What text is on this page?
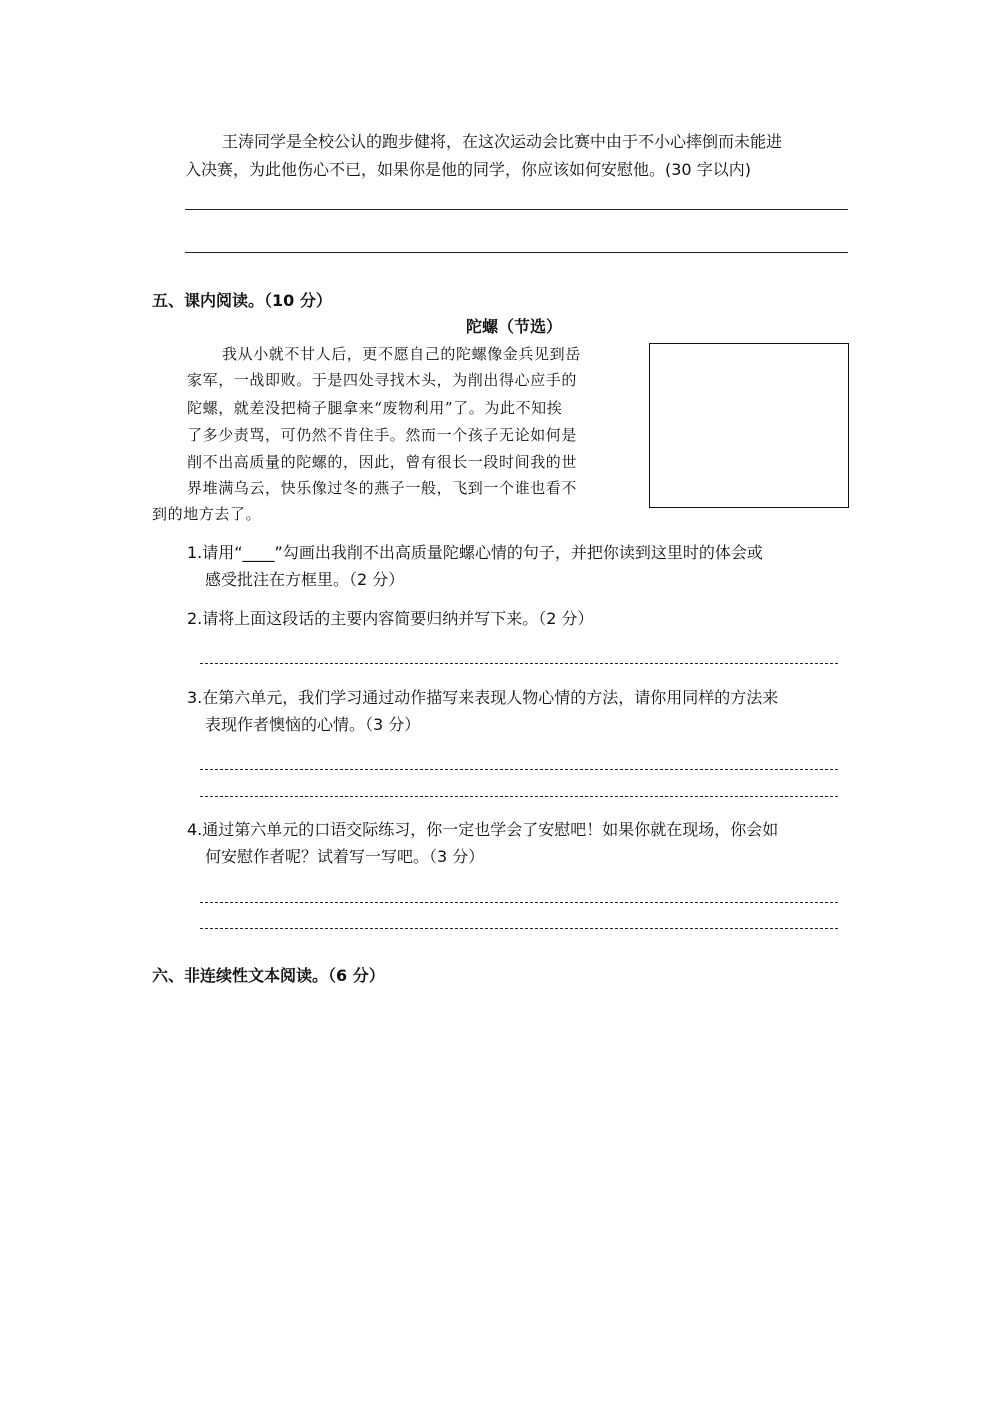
王涛同学是全校公认的跑步健将，在这次运动会比赛中由于不小心摔倒而未能进
入决赛，为此他伤心不已，如果你是他的同学，你应该如何安慰他。(30 字以内)
五、课内阅读。（10 分）
陀螺（节选）
我从小就不甘人后，更不愿自己的陀螺像金兵见到岳
家军，一战即败。于是四处寻找木头，为削出得心应手的
陀螺，就差没把椅子腿拿来“废物利用”了。为此不知挨
了多少责骂，可仍然不肯住手。然而一个孩子无论如何是
削不出高质量的陀螺的，因此，曾有很长一段时间我的世
界堆满乌云，快乐像过冬的燕子一般，飞到一个谁也看不
到的地方去了。
1.请用“____”勾画出我削不出高质量陀螺心情的句子，并把你读到这里时的体会或
感受批注在方框里。（2 分）
2.请将上面这段话的主要内容简要归纳并写下来。（2 分）
3.在第六单元，我们学习通过动作描写来表现人物心情的方法，请你用同样的方法来
表现作者懊恼的心情。（3 分）
4.通过第六单元的口语交际练习，你一定也学会了安慰吧！如果你就在现场，你会如
何安慰作者呢？试着写一写吧。（3 分）
六、非连续性文本阅读。（6 分）
